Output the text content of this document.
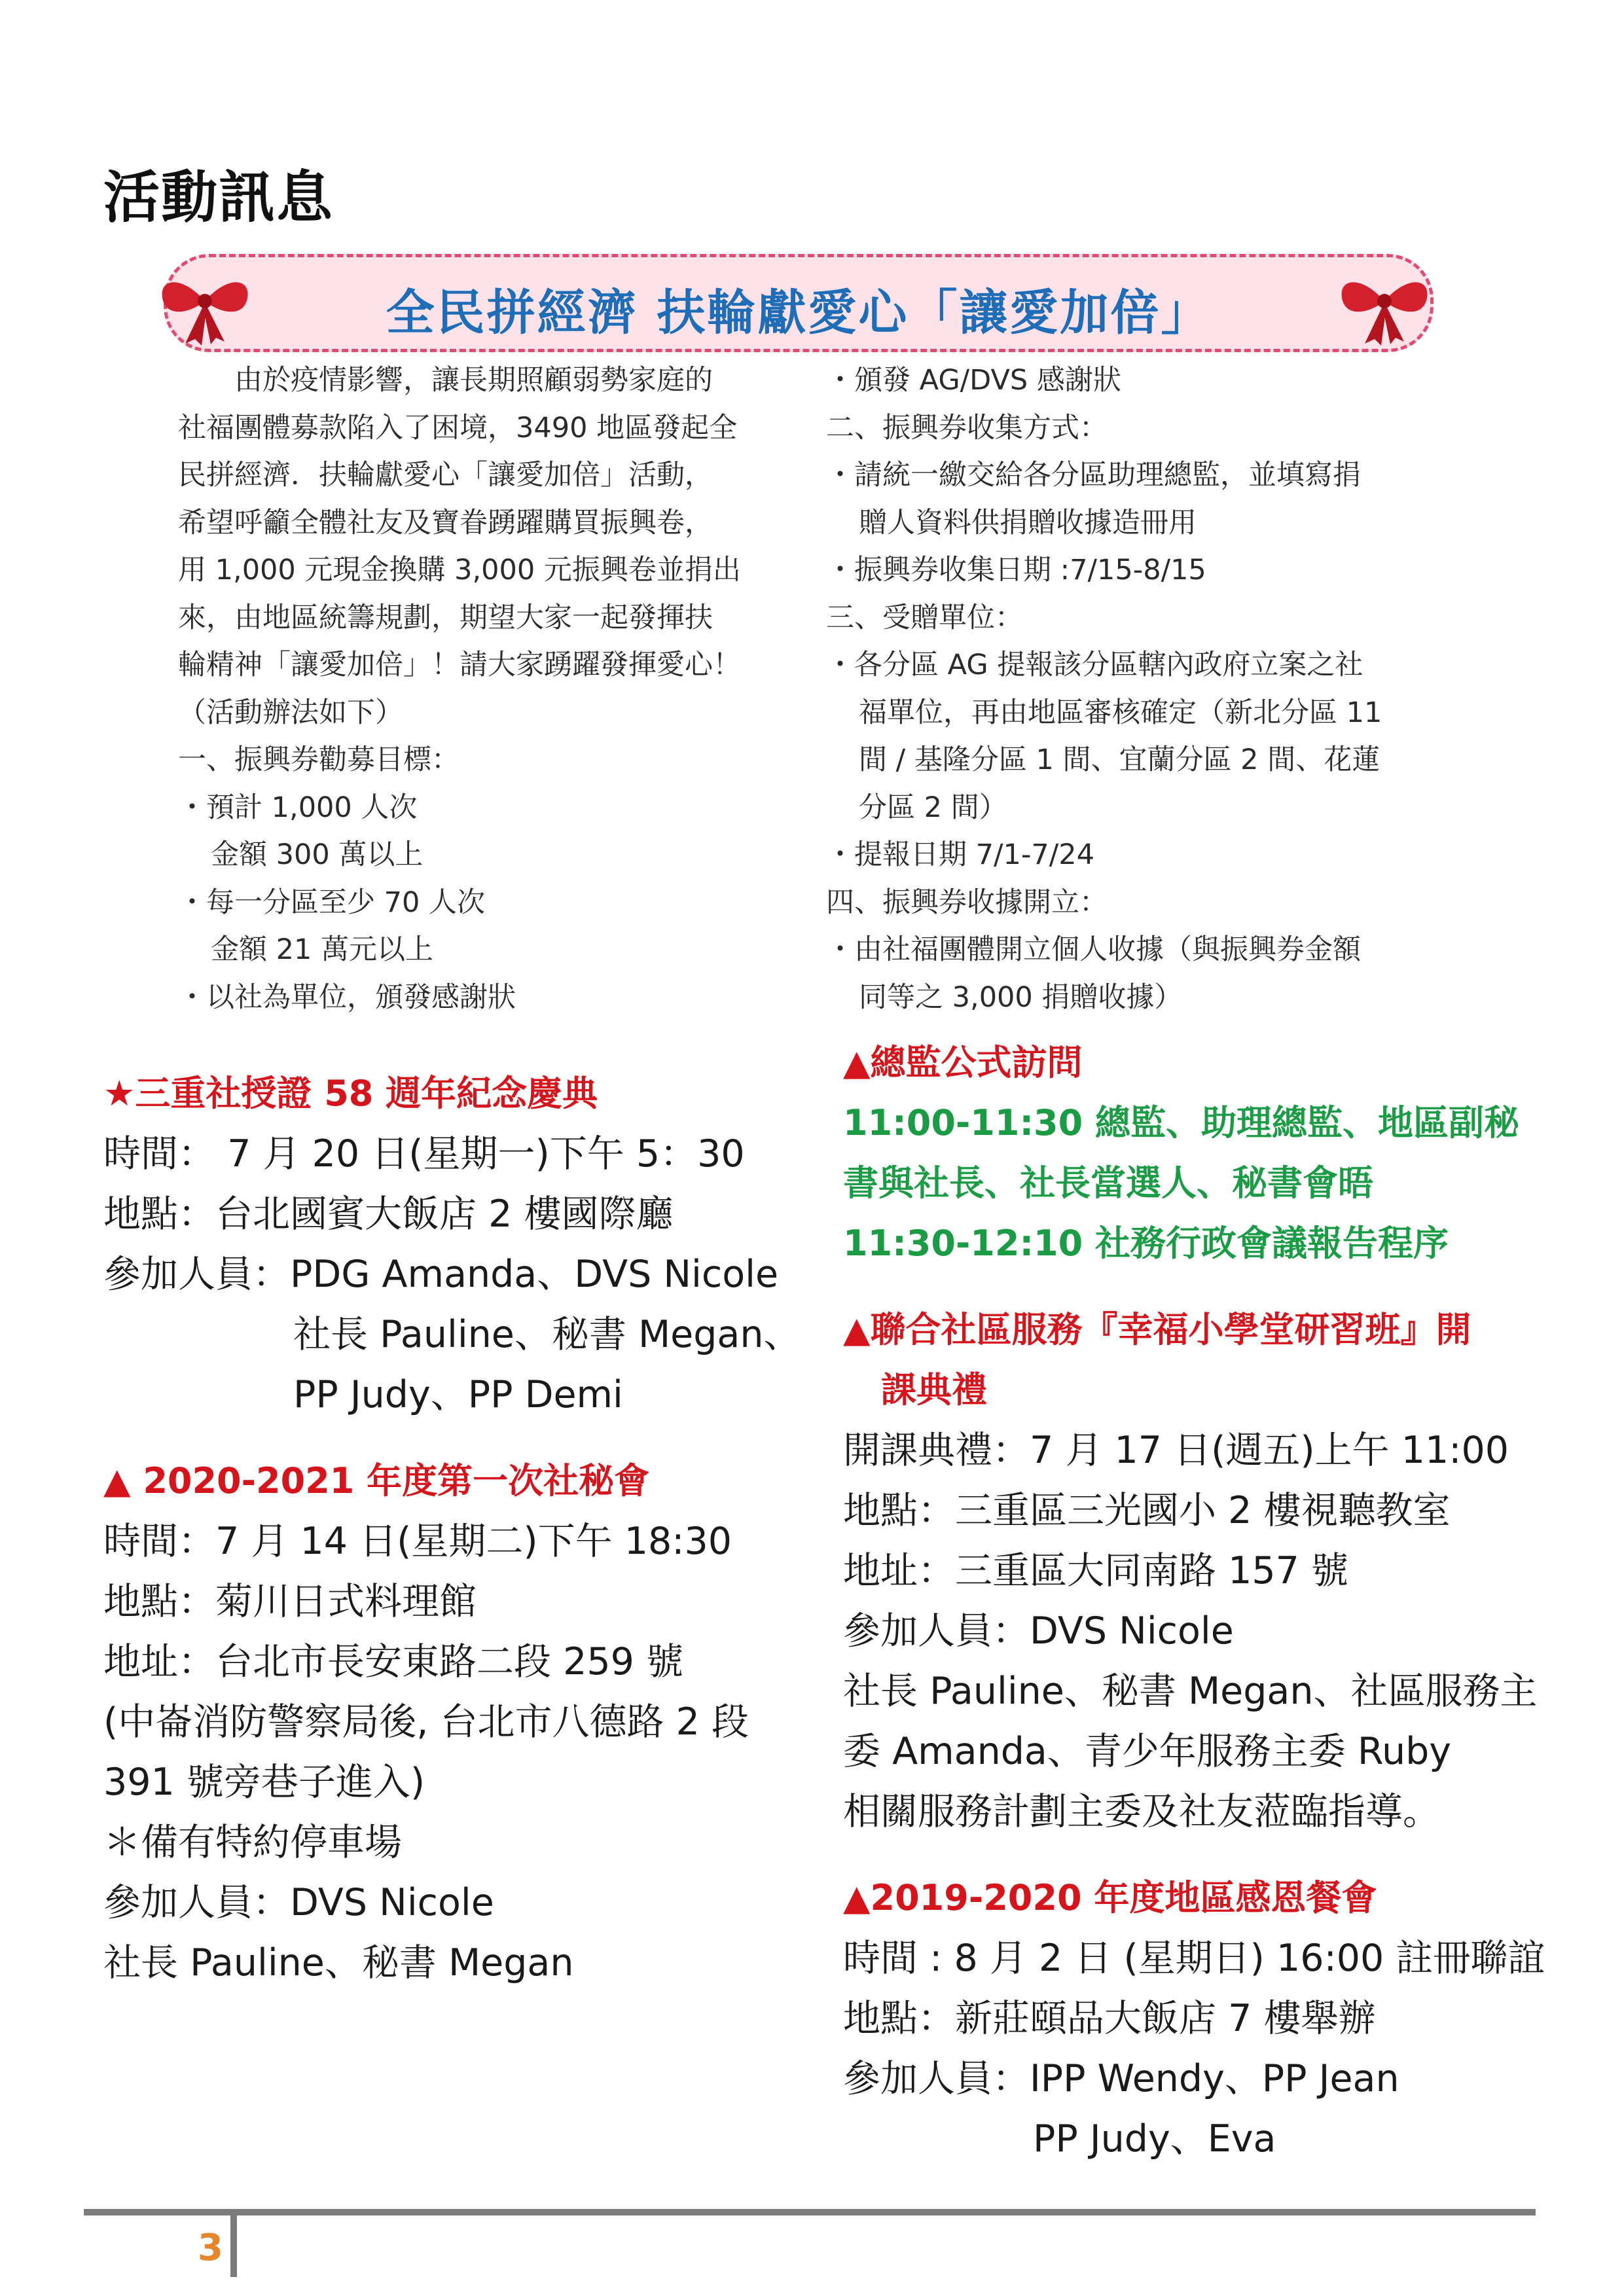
活動訊息
全民拼經濟 扶輪獻愛心「讓愛加倍」
由於疫情影響，讓長期照顧弱勢家庭的
社福團體募款陷入了困境，3490 地區發起全
民拼經濟．扶輪獻愛心「讓愛加倍」活動，
希望呼籲全體社友及寶眷踴躍購買振興卷，
用 1,000 元現金換購 3,000 元振興卷並捐出
來，由地區統籌規劃，期望大家一起發揮扶
輪精神「讓愛加倍」！請大家踴躍發揮愛心！
（活動辦法如下）
一、振興券勸募目標：
・預計 1,000 人次
金額 300 萬以上
・每一分區至少 70 人次
金額 21 萬元以上
・以社為單位，頒發感謝狀
・頒發 AG/DVS 感謝狀
二、振興券收集方式：
・請統一繳交給各分區助理總監，並填寫捐
贈人資料供捐贈收據造冊用
・振興券收集日期 :7/15-8/15
三、受贈單位：
・各分區 AG 提報該分區轄內政府立案之社
福單位，再由地區審核確定（新北分區 11
間 / 基隆分區 1 間、宜蘭分區 2 間、花蓮
分區 2 間）
・提報日期 7/1-7/24
四、振興券收據開立：
・由社福團體開立個人收據（與振興券金額
同等之 3,000 捐贈收據）
★三重社授證 58 週年紀念慶典
時間： 7 月 20 日(星期一)下午 5：30
地點：台北國賓大飯店 2 樓國際廳
參加人員：PDG Amanda、DVS Nicole
社長 Pauline、秘書 Megan、
PP Judy、PP Demi
▲ 2020-2021 年度第一次社秘會
時間：7 月 14 日(星期二)下午 18:30
地點：菊川日式料理館
地址：台北市長安東路二段 259 號
(中崙消防警察局後, 台北市八德路 2 段
391 號旁巷子進入)
＊備有特約停車場
參加人員：DVS Nicole
社長 Pauline、秘書 Megan
▲總監公式訪問
11:00-11:30 總監、助理總監、地區副秘
書與社長、社長當選人、秘書會晤
11:30-12:10 社務行政會議報告程序
▲聯合社區服務『幸福小學堂研習班』開
課典禮
開課典禮：7 月 17 日(週五)上午 11:00
地點：三重區三光國小 2 樓視聽教室
地址：三重區大同南路 157 號
參加人員：DVS Nicole
社長 Pauline、秘書 Megan、社區服務主
委 Amanda、青少年服務主委 Ruby
相關服務計劃主委及社友蒞臨指導。
▲2019-2020 年度地區感恩餐會
時間 : 8 月 2 日 (星期日) 16:00 註冊聯誼
地點：新莊頤品大飯店 7 樓舉辦
參加人員：IPP Wendy、PP Jean
PP Judy、Eva
3
